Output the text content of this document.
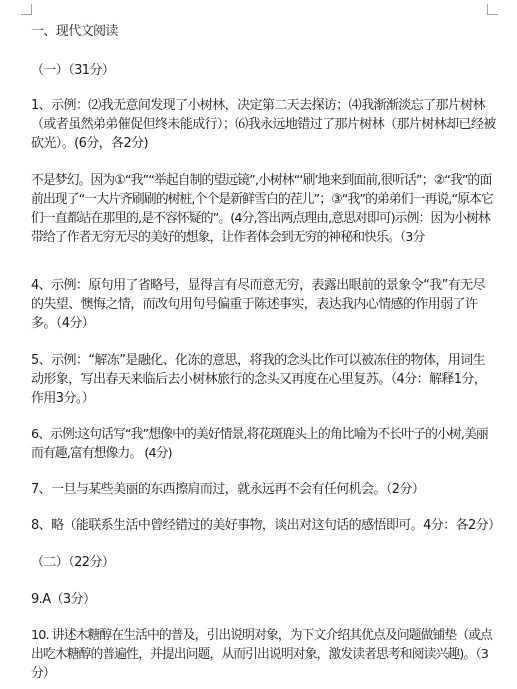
一、现代文阅读
（一）（31分）
1、示例：⑵我无意间发现了小树林，决定第二天去探访；⑷我渐渐淡忘了那片树林（或者虽然弟弟催促但终未能成行）；⑹我永远地错过了那片树林（那片树林却已经被砍光）。(6分，各2分)
不是梦幻。因为①“我”“举起自制的望远镜”,小树林“‘刷’地来到面前,很听话”；②“我”的面前出现了“一大片齐刷刷的树桩,个个是新鲜雪白的茬儿”；③“我”的弟弟们一再说,“原本它们一直都站在那里的,是不容怀疑的”。(4分,答出两点理由,意思对即可)示例：因为小树林带给了作者无穷无尽的美好的想象，让作者体会到无穷的神秘和快乐。（3分
4、示例：原句用了省略号，显得言有尽而意无穷，表露出眼前的景象令“我”有无尽的失望、懊悔之情，而改句用句号偏重于陈述事实，表达我内心情感的作用弱了许多。（4分）
5、示例：“解冻”是融化、化冻的意思，将我的念头比作可以被冻住的物体，用词生动形象，写出春天来临后去小树林旅行的念头又再度在心里复苏。（4分：解释1分，作用3分。）
6、示例:这句话写“我”想像中的美好情景,将花斑鹿头上的角比喻为不长叶子的小树,美丽而有趣,富有想像力。 (4分)
7、一旦与某些美丽的东西擦肩而过，就永远再不会有任何机会。（2分）
8、略（能联系生活中曾经错过的美好事物，谈出对这句话的感悟即可。4分：各2分）
（二）（22分）
9.A（3分）
10. 讲述木糖醇在生活中的普及，引出说明对象，为下文介绍其优点及问题做铺垫（或点出吃木糖醇的普遍性，并提出问题，从而引出说明对象，激发读者思考和阅读兴趣)。（3分）
